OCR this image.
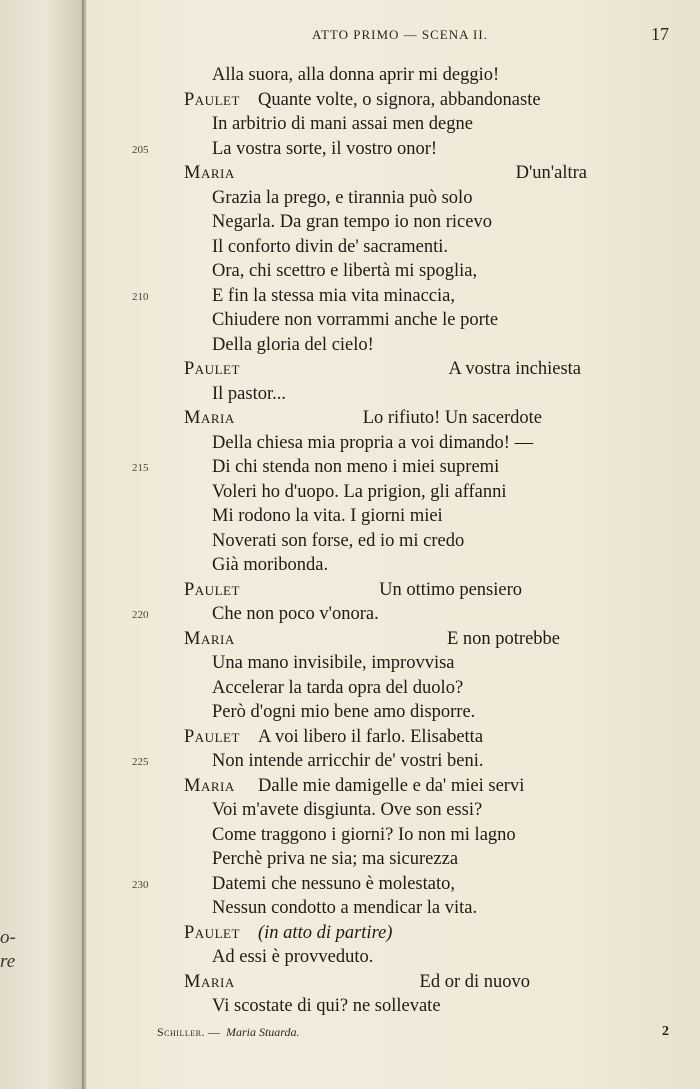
o-
re
ATTO PRIMO — SCENA II.	17
Alla suora, alla donna aprir mi deggio!
Paulet Quante volte, o signora, abbandonaste
In arbitrio di mani assai men degne
205	La vostra sorte, il vostro onor!
Maria	D'un'altra
Grazia la prego, e tirannia può solo
Negarla. Da gran tempo io non ricevo
Il conforto divin de' sacramenti.
Ora, chi scettro e libertà mi spoglia,
210	E fin la stessa mia vita minaccia,
Chiudere non vorrammi anche le porte
Della gloria del cielo!
Paulet	A vostra inchiesta
Il pastor...
Maria	Lo rifiuto! Un sacerdote
Della chiesa mia propria a voi dimando! —
215	Di chi stenda non meno i miei supremi
Voleri ho d'uopo. La prigion, gli affanni
Mi rodono la vita. I giorni miei
Noverati son forse, ed io mi credo
Già moribonda.
Paulet	Un ottimo pensiero
220	Che non poco v'onora.
Maria	E non potrebbe
Una mano invisibile, improvvisa
Accelerar la tarda opra del duolo?
Però d'ogni mio bene amo disporre.
Paulet A voi libero il farlo. Elisabetta
225	Non intende arricchir de' vostri beni.
Maria Dalle mie damigelle e da' miei servi
Voi m'avete disgiunta. Ove son essi?
Come traggono i giorni? Io non mi lagno
Perchè priva ne sia; ma sicurezza
230	Datemi che nessuno è molestato,
Nessun condotto a mendicar la vita.
Paulet (in atto di partire)
Ad essi è provveduto.
Maria	Ed or di nuovo
Vi scostate di qui? ne sollevate
Schiller. — Maria Stuarda.	2
